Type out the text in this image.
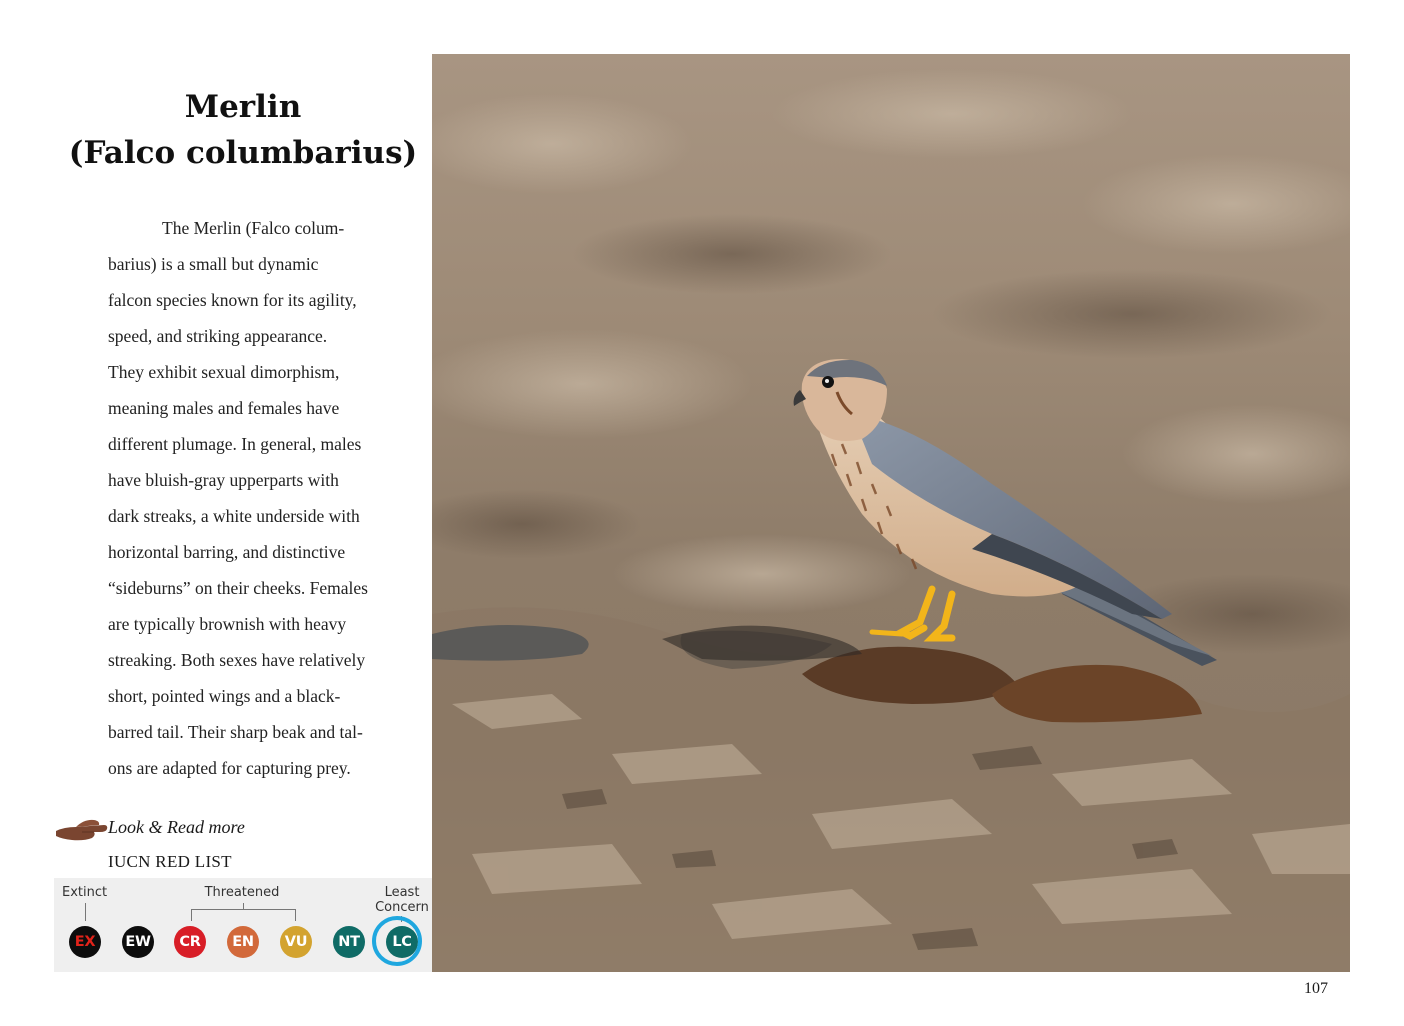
Merlin
(Falco columbarius)
The Merlin (Falco colum-
barius) is a small but dynamic
falcon species known for its agility,
speed, and striking appearance.
They exhibit sexual dimorphism,
meaning males and females have
different plumage. In general, males
have bluish-gray upperparts with
dark streaks, a white underside with
horizontal barring, and distinctive
“sideburns” on their cheeks. Females
are typically brownish with heavy
streaking. Both sexes have relatively
short, pointed wings and a black-
barred tail. Their sharp beak and tal-
ons are adapted for capturing prey.
Look & Read more
IUCN RED LIST
Extinct	Threatened	Least
Concern
EX	EW	CR	EN	VU	NT	LC
107
